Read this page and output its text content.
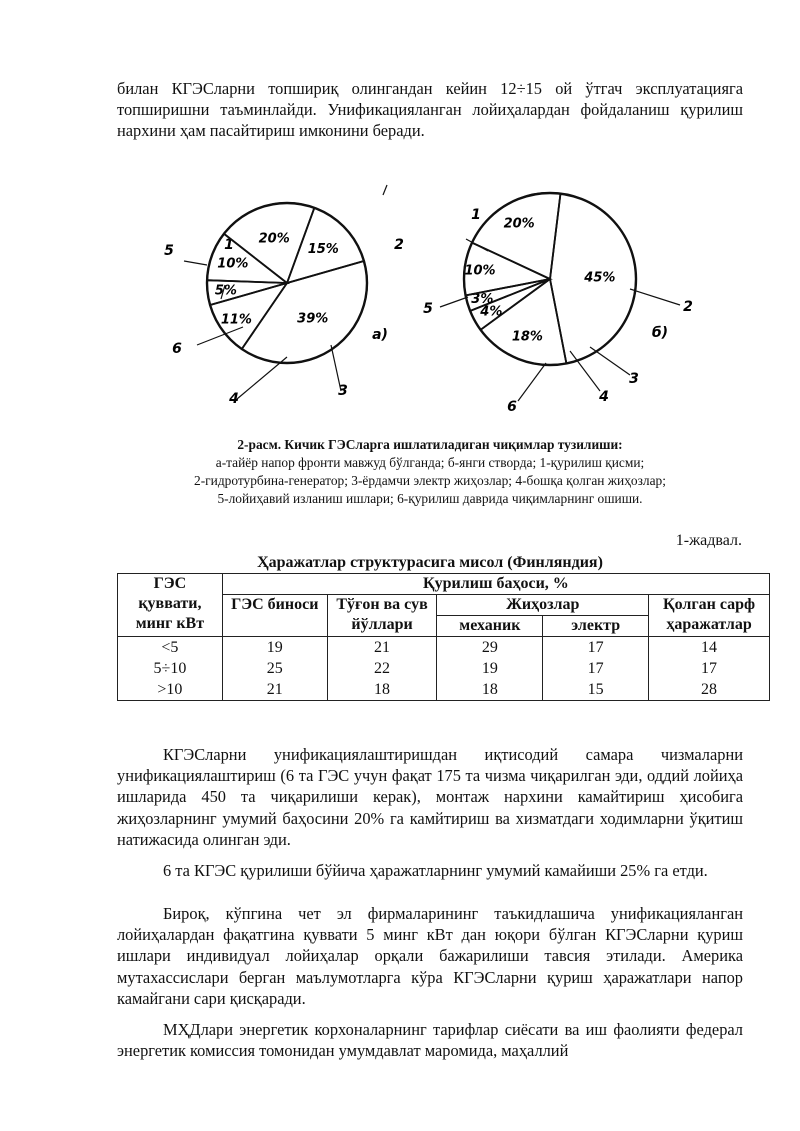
билан КГЭСларни топшириқ олингандан кейин 12÷15 ой ўтгач эксплуатацияга топширишни таъминлайди. Унификацияланган лойиҳалардан фойдаланиш қурилиш нархини ҳам пасайтириш имконини беради.

15%
1
39%
2
11%
3
5%
4
10%
6
20%
5
а)
45%
1
18%
2
4%
3
3%
4
10%
6
20%
5
б)
2-расм. Кичик ГЭСларга ишлатиладиган чиқимлар тузилиши:
а-тайёр напор фронти мавжуд бўлганда; б-янги створда; 1-қурилиш қисми;
2-гидротурбина-генератор; 3-ёрдамчи электр жиҳозлар; 4-бошқа қолган жиҳозлар;
5-лойиҳавий изланиш ишлари; 6-қурилиш даврида чиқимларнинг ошиши.
1-жадвал.
Ҳаражатлар структурасига мисол (Финляндия)
ГЭС қуввати, минг кВт	Қурилиш баҳоси, %				
	ГЭС биноси	Тўғон ва сув йўллари	Жиҳозлар		Қолган сарф ҳаражатлар
			механик	электр	
<5	19	21	29	17	14
5÷10	25	22	19	17	17
>10	21	18	18	15	28

КГЭСларни унификациялаштиришдан иқтисодий самара чизмаларни унификациялаштириш (6 та ГЭС учун фақат 175 та чизма чиқарилган эди, оддий лойиҳа ишларида 450 та чиқарилиши керак), монтаж нархини камайтириш ҳисобига жиҳозларнинг умумий баҳосини 20% га камйтириш ва хизматдаги ходимларни ўқитиш натижасида олинган эди.

6 та КГЭС қурилиши бўйича ҳаражатларнинг умумий камайиши 25% га етди.

Бироқ, кўпгина чет эл фирмаларининг таъкидлашича унификацияланган лойиҳалардан фақатгина қуввати 5 минг кВт дан юқори бўлган КГЭСларни қуриш ишлари индивидуал лойиҳалар орқали бажарилиши тавсия этилади. Америка мутахассислари берган маълумотларга кўра КГЭСларни қуриш ҳаражатлари напор камайгани сари қисқаради.

МҲДлари энергетик корхоналарнинг тарифлар сиёсати ва иш фаолияти федерал энергетик комиссия томонидан умумдавлат маромида, маҳаллий
